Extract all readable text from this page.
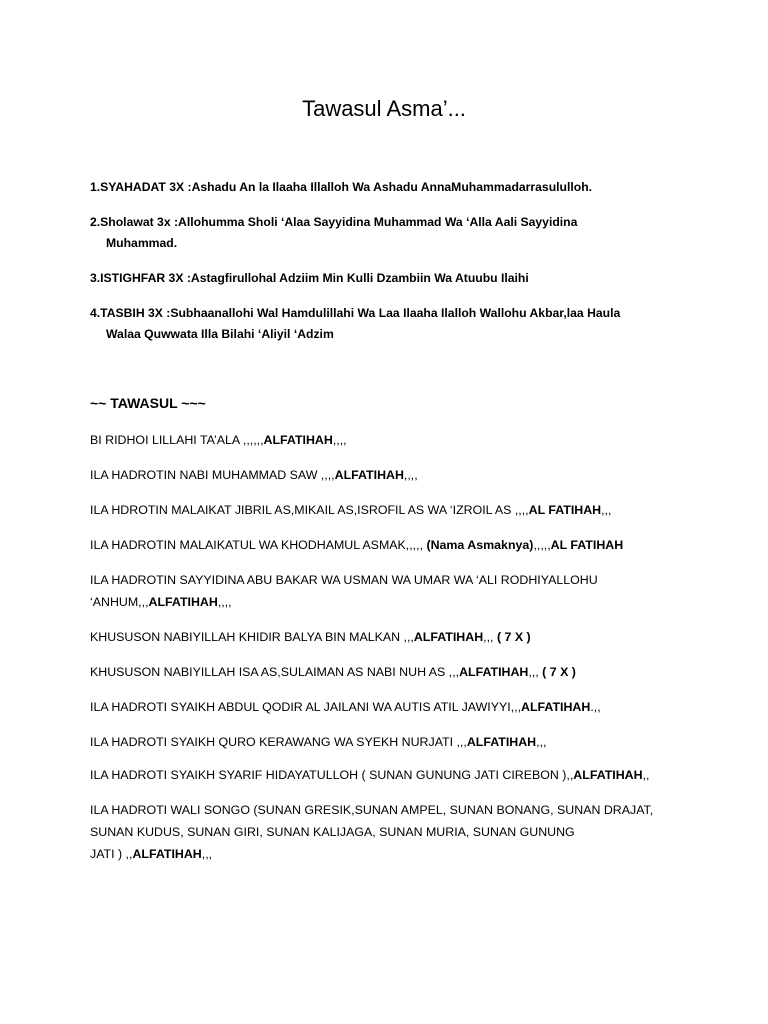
Tawasul Asma’...
1.SYAHADAT 3X :Ashadu An la Ilaaha Illalloh Wa Ashadu AnnaMuhammadarrasululloh.
2.Sholawat 3x :Allohumma Sholi ‘Alaa Sayyidina Muhammad Wa ‘Alla Aali Sayyidina
Muhammad.
3.ISTIGHFAR 3X :Astagfirullohal Adziim Min Kulli Dzambiin Wa Atuubu Ilaihi
4.TASBIH 3X :Subhaanallohi Wal Hamdulillahi Wa Laa Ilaaha Ilalloh Wallohu Akbar,laa Haula
Walaa Quwwata Illa Bilahi ‘Aliyil ‘Adzim
~~ TAWASUL ~~~
BI RIDHOI LILLAHI TA’ALA ,,,,,,ALFATIHAH,,,,
ILA HADROTIN NABI MUHAMMAD SAW ,,,,ALFATIHAH,,,,
ILA HDROTIN MALAIKAT JIBRIL AS,MIKAIL AS,ISROFIL AS WA ‘IZROIL AS ,,,,AL FATIHAH,,,
ILA HADROTIN MALAIKATUL WA KHODHAMUL ASMAK,,,,, (Nama Asmaknya),,,,,AL FATIHAH
ILA HADROTIN SAYYIDINA ABU BAKAR WA USMAN WA UMAR WA ‘ALI RODHIYALLOHU
‘ANHUM,,,ALFATIHAH,,,,
KHUSUSON NABIYILLAH KHIDIR BALYA BIN MALKAN ,,,ALFATIHAH,,, ( 7 X )
KHUSUSON NABIYILLAH ISA AS,SULAIMAN AS NABI NUH AS ,,,ALFATIHAH,,, ( 7 X )
ILA HADROTI SYAIKH ABDUL QODIR AL JAILANI WA AUTIS ATIL JAWIYYI,,,ALFATIHAH.,,
ILA HADROTI SYAIKH QURO KERAWANG WA SYEKH NURJATI ,,,ALFATIHAH,,,
ILA HADROTI SYAIKH SYARIF HIDAYATULLOH ( SUNAN GUNUNG JATI CIREBON ),,ALFATIHAH,,
ILA HADROTI WALI SONGO (SUNAN GRESIK,SUNAN AMPEL, SUNAN BONANG, SUNAN DRAJAT,
SUNAN KUDUS, SUNAN GIRI, SUNAN KALIJAGA, SUNAN MURIA, SUNAN GUNUNG
JATI ) ,,ALFATIHAH,,,
